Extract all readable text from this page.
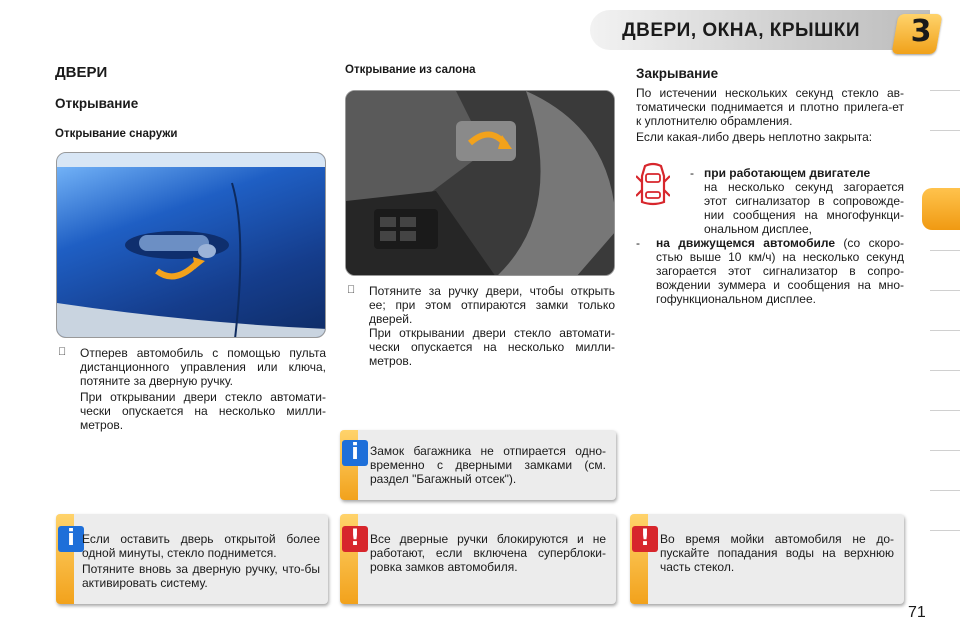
ДВЕРИ, ОКНА, КРЫШКИ 3
ДВЕРИ
Открывание
Открывание снаружи
Отперев автомобиль с помощью пульта дистанционного управления или ключа, потяните за дверную ручку.
При открывании двери стекло автомати-чески опускается на несколько милли-метров.
i Если оставить дверь открытой более одной минуты, стекло поднимется.
Потяните вновь за дверную ручку, что-бы активировать систему.
Открывание из салона
Потяните за ручку двери, чтобы открыть ее; при этом отпираются замки только дверей.
При открывании двери стекло автомати-чески опускается на несколько милли-метров.
i Замок багажника не отпирается одно-временно с дверными замками (см. раздел "Багажный отсек").
! Все дверные ручки блокируются и не работают, если включена суперблоки-ровка замков автомобиля.
Закрывание
По истечении нескольких секунд стекло ав-томатически поднимается и плотно прилега-ет к уплотнителю обрамления.
Если какая-либо дверь неплотно закрыта:
- при работающем двигателе
на несколько секунд загорается этот сигнализатор в сопровожде-нии сообщения на многофункци-ональном дисплее,
- на движущемся автомобиле (со скоро-стью выше 10 км/ч) на несколько секунд загорается этот сигнализатор в сопро-вождении зуммера и сообщения на мно-гофункциональном дисплее.
! Во время мойки автомобиля не до-пускайте попадания воды на верхнюю часть стекол.
71
